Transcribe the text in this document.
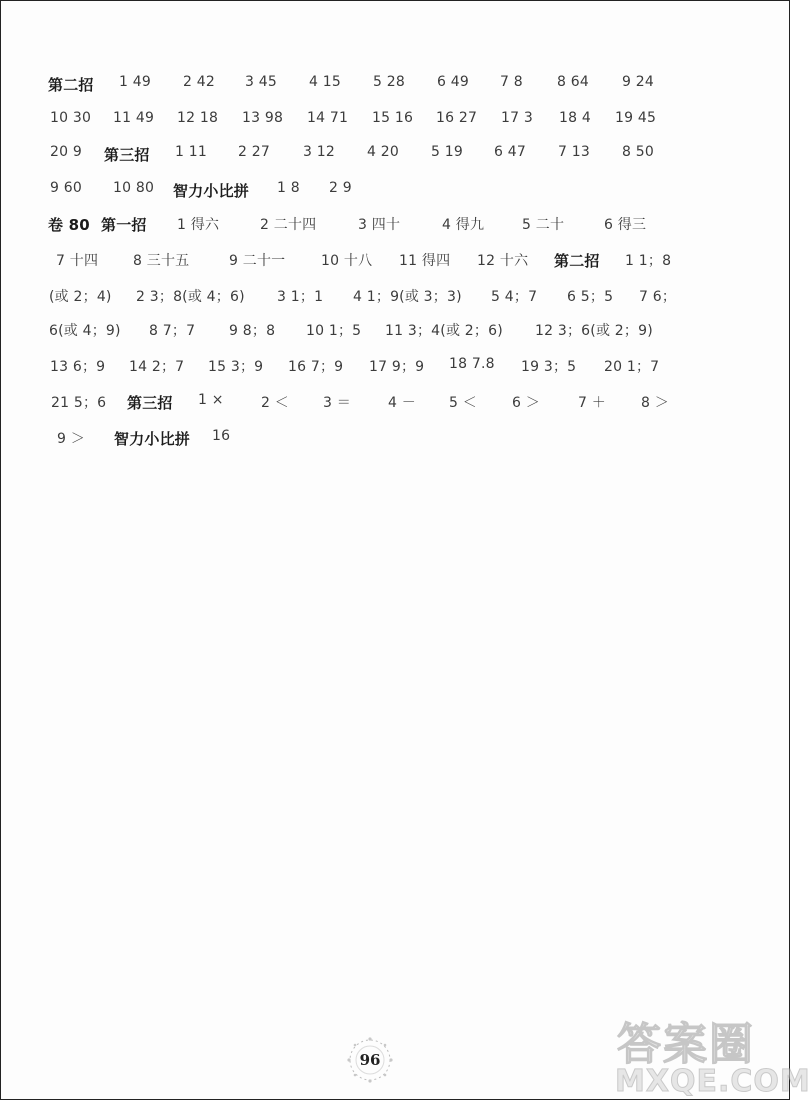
第二招 1 49 2 42 3 45 4 15 5 28 6 49 7 8 8 64 9 24
10 30 11 49 12 18 13 98 14 71 15 16 16 27 17 3 18 4 19 45
20 9 第三招 1 11 2 27 3 12 4 20 5 19 6 47 7 13 8 50
9 60 10 80 智力小比拼 1 8 2 9
卷 80 第一招 1 得六	2 二十四	3 四十	4 得九	5 二十	6 得三
7 十四 8 三十五	9 二十一	10 十八 11 得四 12 十六 第二招 1 1；8
(或 2；4) 2 3；8(或 4；6) 3 1；1 4 1；9(或 3；3) 5 4；7 6 5；5 7 6；
6(或 4；9) 8 7；7 9 8；8 10 1；5 11 3；4(或 2；6) 12 3；6(或 2；9)
13 6；9 14 2；7 15 3；9 16 7；9 17 9；9 18 7.8 19 3；5 20 1；7
21 5；6 第三招 1 ×	2 ＜ 3 ＝	4 － 5 ＜	6 ＞	7 ＋	8 ＞
9 ＞ 智力小比拼 16
96	答案圈
MXQE.COM
